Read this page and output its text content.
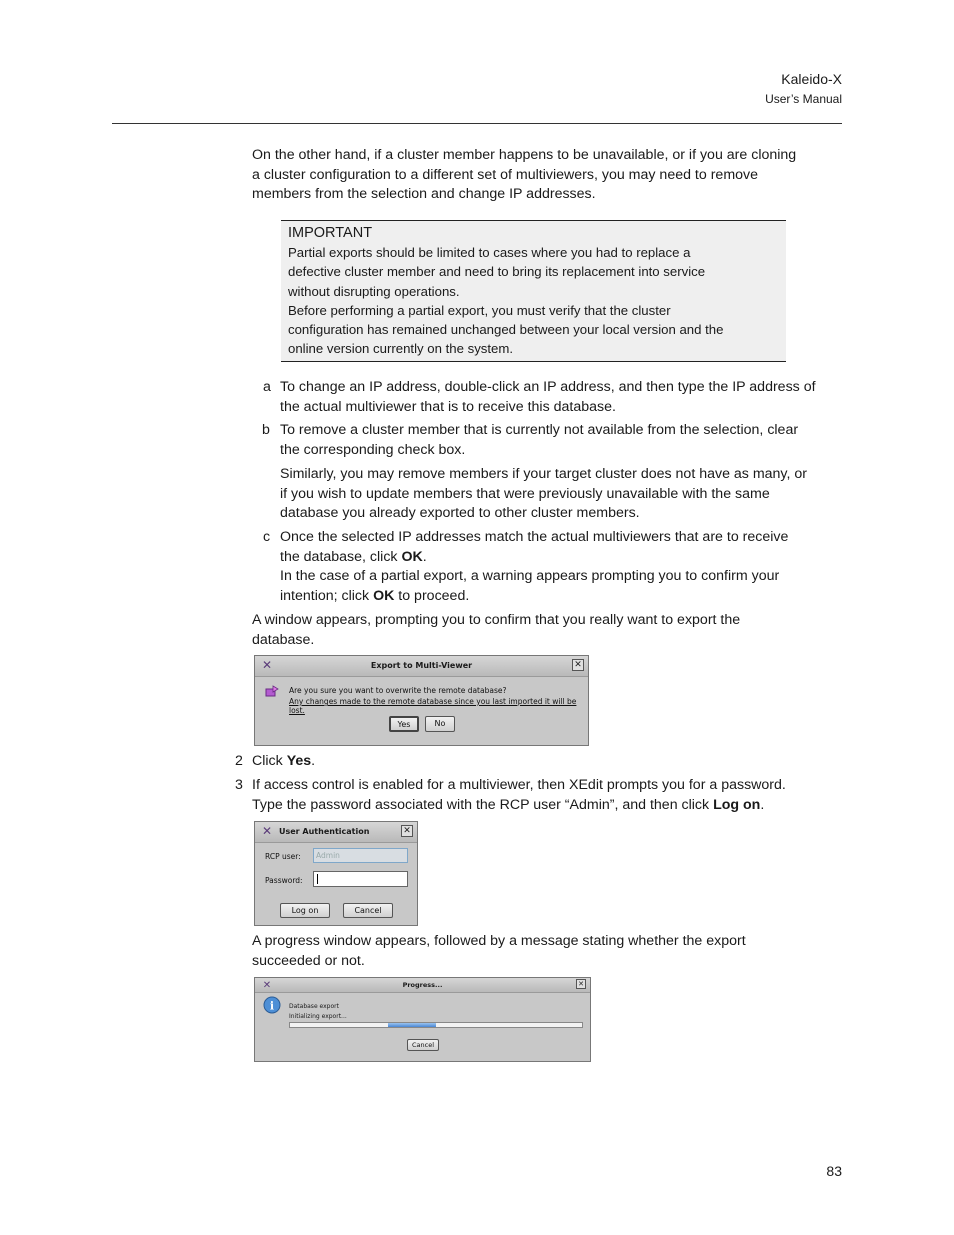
Kaleido-X
User’s Manual
On the other hand, if a cluster member happens to be unavailable, or if you are cloning
a cluster configuration to a different set of multiviewers, you may need to remove
members from the selection and change IP addresses.
IMPORTANT
Partial exports should be limited to cases where you had to replace a
defective cluster member and need to bring its replacement into service
without disrupting operations.
Before performing a partial export, you must verify that the cluster
configuration has remained unchanged between your local version and the
online version currently on the system.
a To change an IP address, double-click an IP address, and then type the IP address of
the actual multiviewer that is to receive this database.
b To remove a cluster member that is currently not available from the selection, clear
the corresponding check box.
Similarly, you may remove members if your target cluster does not have as many, or
if you wish to update members that were previously unavailable with the same
database you already exported to other cluster members.
c Once the selected IP addresses match the actual multiviewers that are to receive
the database, click OK.
In the case of a partial export, a warning appears prompting you to confirm your
intention; click OK to proceed.
A window appears, prompting you to confirm that you really want to export the
database.
✕	Export to Multi-Viewer	✕
Are you sure you want to overwrite the remote database?
Any changes made to the remote database since you last imported it will be lost.
Yes	No
2 Click Yes.
3 If access control is enabled for a multiviewer, then XEdit prompts you for a password.
Type the password associated with the RCP user “Admin”, and then click Log on.
✕ User Authentication	✕
RCP user:	Admin
Password:
Log on	Cancel
A progress window appears, followed by a message stating whether the export
succeeded or not.
✕	Progress...	✕
i Database export
Initializing export...
Cancel
83
